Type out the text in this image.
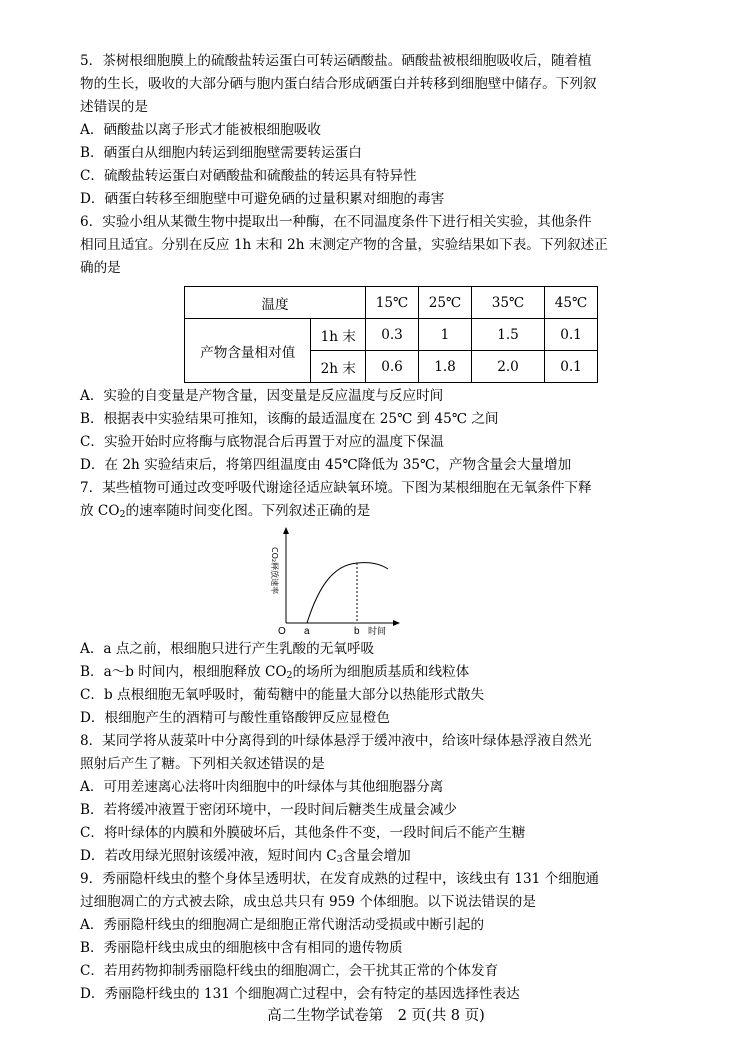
5．茶树根细胞膜上的硫酸盐转运蛋白可转运硒酸盐。硒酸盐被根细胞吸收后，随着植

物的生长，吸收的大部分硒与胞内蛋白结合形成硒蛋白并转移到细胞壁中储存。下列叙

述错误的是

A．硒酸盐以离子形式才能被根细胞吸收

B．硒蛋白从细胞内转运到细胞壁需要转运蛋白

C．硫酸盐转运蛋白对硒酸盐和硫酸盐的转运具有特异性

D．硒蛋白转移至细胞壁中可避免硒的过量积累对细胞的毒害

6．实验小组从某微生物中提取出一种酶，在不同温度条件下进行相关实验，其他条件

相同且适宜。分别在反应 1h 末和 2h 末测定产物的含量，实验结果如下表。下列叙述正

确的是

温度		15℃	25℃	35℃	45℃
产物含量相对值	1h 末	0.3	1	1.5	0.1
	2h 末	0.6	1.8	2.0	0.1

A．实验的自变量是产物含量，因变量是反应温度与反应时间

B．根据表中实验结果可推知，该酶的最适温度在 25℃ 到 45℃ 之间

C．实验开始时应将酶与底物混合后再置于对应的温度下保温

D．在 2h 实验结束后，将第四组温度由 45℃降低为 35℃，产物含量会大量增加

7．某些植物可通过改变呼吸代谢途径适应缺氧环境。下图为某根细胞在无氧条件下释

放 $CO_2$的速率随时间变化图。下列叙述正确的是

O a	b 时间
CO₂释放速率

A．a 点之前，根细胞只进行产生乳酸的无氧呼吸

B．a～b 时间内，根细胞释放 $CO_2$的场所为细胞质基质和线粒体

C．b 点根细胞无氧呼吸时，葡萄糖中的能量大部分以热能形式散失

D．根细胞产生的酒精可与酸性重铬酸钾反应显橙色

8．某同学将从菠菜叶中分离得到的叶绿体悬浮于缓冲液中，给该叶绿体悬浮液自然光

照射后产生了糖。下列相关叙述错误的是

A．可用差速离心法将叶肉细胞中的叶绿体与其他细胞器分离

B．若将缓冲液置于密闭环境中，一段时间后糖类生成量会减少

C．将叶绿体的内膜和外膜破坏后，其他条件不变，一段时间后不能产生糖

D．若改用绿光照射该缓冲液，短时间内 $C_3$含量会增加

9．秀丽隐杆线虫的整个身体呈透明状，在发育成熟的过程中，该线虫有 131 个细胞通

过细胞凋亡的方式被去除，成虫总共只有 959 个体细胞。以下说法错误的是

A．秀丽隐杆线虫的细胞凋亡是细胞正常代谢活动受损或中断引起的

B．秀丽隐杆线虫成虫的细胞核中含有相同的遗传物质

C．若用药物抑制秀丽隐杆线虫的细胞凋亡，会干扰其正常的个体发育

D．秀丽隐杆线虫的 131 个细胞凋亡过程中，会有特定的基因选择性表达

高二生物学试卷第　2 页(共 8 页)
